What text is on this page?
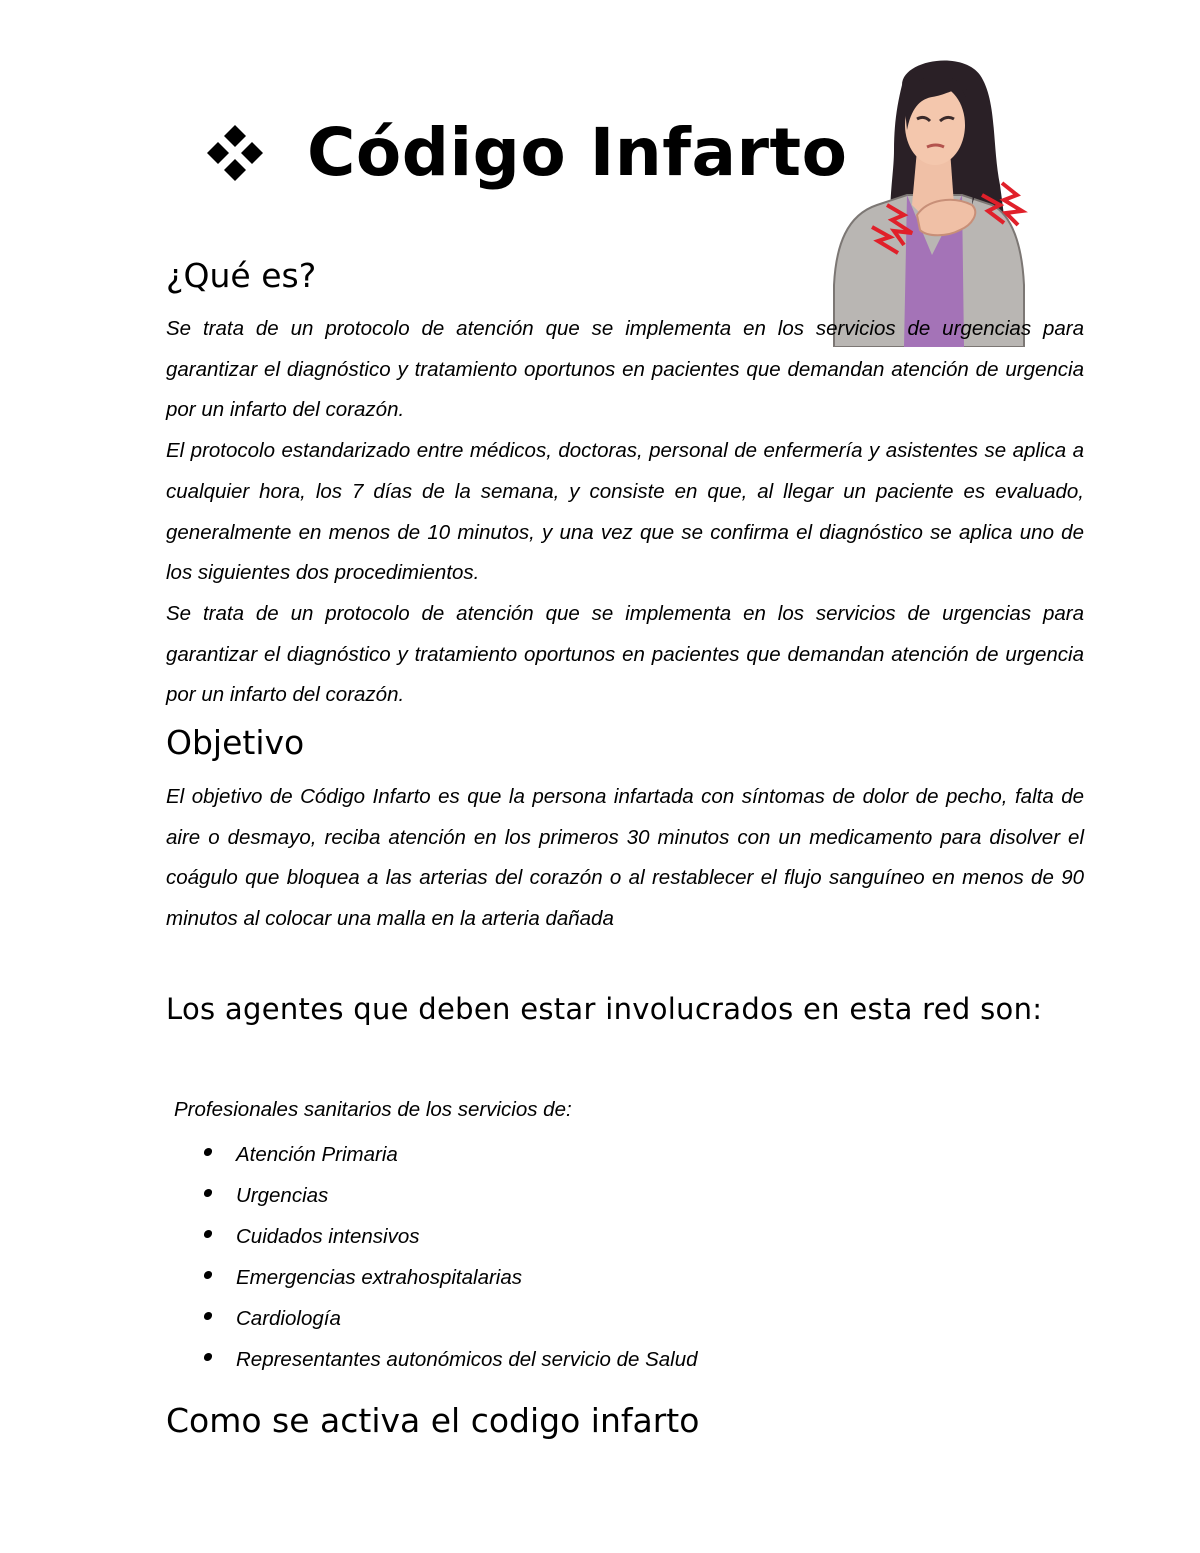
Código Infarto
¿Qué es?

Se trata de un protocolo de atención que se implementa en los servicios de urgencias para garantizar el diagnóstico y tratamiento oportunos en pacientes que demandan atención de urgencia por un infarto del corazón.

El protocolo estandarizado entre médicos, doctoras, personal de enfermería y asistentes se aplica a cualquier hora, los 7 días de la semana, y consiste en que, al llegar un paciente es evaluado, generalmente en menos de 10 minutos, y una vez que se confirma el diagnóstico se aplica uno de los siguientes dos procedimientos.

Se trata de un protocolo de atención que se implementa en los servicios de urgencias para garantizar el diagnóstico y tratamiento oportunos en pacientes que demandan atención de urgencia por un infarto del corazón.

Objetivo

El objetivo de Código Infarto es que la persona infartada con síntomas de dolor de pecho, falta de aire o desmayo, reciba atención en los primeros 30 minutos con un medicamento para disolver el coágulo que bloquea a las arterias del corazón o al restablecer el flujo sanguíneo en menos de 90 minutos al colocar una malla en la arteria dañada

Los agentes que deben estar involucrados en esta red son:

Profesionales sanitarios de los servicios de:

Atención Primaria
Urgencias
Cuidados intensivos
Emergencias extrahospitalarias
Cardiología
Representantes autonómicos del servicio de Salud
Como se activa el codigo infarto
